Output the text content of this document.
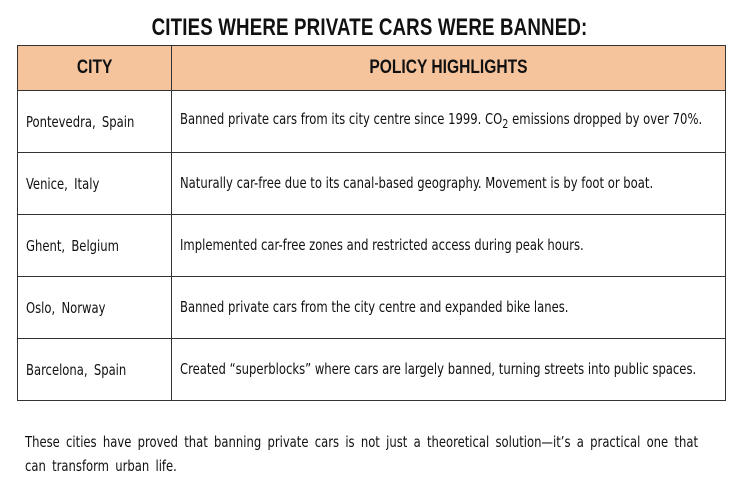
CITIES WHERE PRIVATE CARS WERE BANNED:
CITY	POLICY HIGHLIGHTS
Pontevedra, Spain	Banned private cars from its city centre since 1999. $CO_2$ emissions dropped by over 70%.

Venice, Italy	Naturally car-free due to its canal-based geography. Movement is by foot or boat.

Ghent, Belgium	Implemented car-free zones and restricted access during peak hours.

Oslo, Norway	Banned private cars from the city centre and expanded bike lanes.

Barcelona, Spain	Created “superblocks” where cars are largely banned, turning streets into public spaces.
These cities have proved that banning private cars is not just a theoretical solution—it’s a practical one that can transform urban life.
